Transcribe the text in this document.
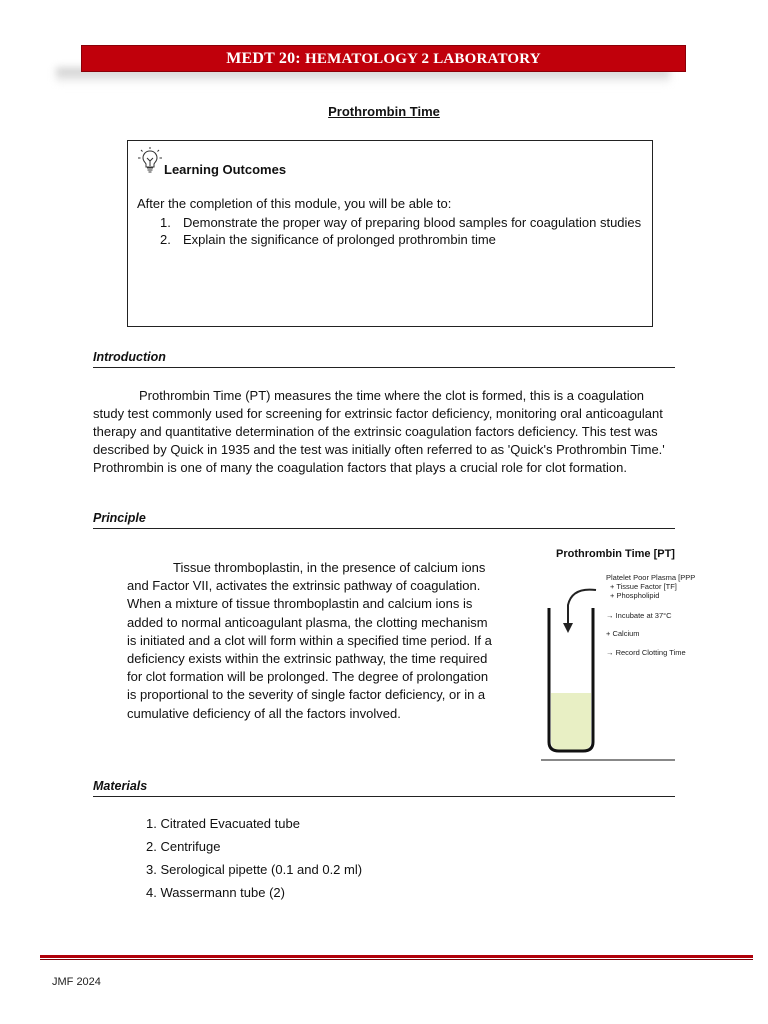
MEDT 20: HEMATOLOGY 2 LABORATORY
Prothrombin Time
Learning Outcomes
After the completion of this module, you will be able to:
1. Demonstrate the proper way of preparing blood samples for coagulation studies
2. Explain the significance of prolonged prothrombin time
Introduction
Prothrombin Time (PT) measures the time where the clot is formed, this is a coagulation study test commonly used for screening for extrinsic factor deficiency, monitoring oral anticoagulant therapy and quantitative determination of the extrinsic coagulation factors deficiency. This test was described by Quick in 1935 and the test was initially often referred to as 'Quick's Prothrombin Time.' Prothrombin is one of many the coagulation factors that plays a crucial role for clot formation.
Principle
Tissue thromboplastin, in the presence of calcium ions and Factor VII, activates the extrinsic pathway of coagulation. When a mixture of tissue thromboplastin and calcium ions is added to normal anticoagulant plasma, the clotting mechanism is initiated and a clot will form within a specified time period. If a deficiency exists within the extrinsic pathway, the time required for clot formation will be prolonged. The degree of prolongation is proportional to the severity of single factor deficiency, or in a cumulative deficiency of all the factors involved.
Prothrombin Time [PT]
Platelet Poor Plasma [PPP
+ Tissue Factor [TF]
+ Phospholipid
→ Incubate at 37°C
+ Calcium
→ Record Clotting Time
Materials
1. Citrated Evacuated tube
2. Centrifuge
3. Serological pipette (0.1 and 0.2 ml)
4. Wassermann tube (2)
JMF 2024
